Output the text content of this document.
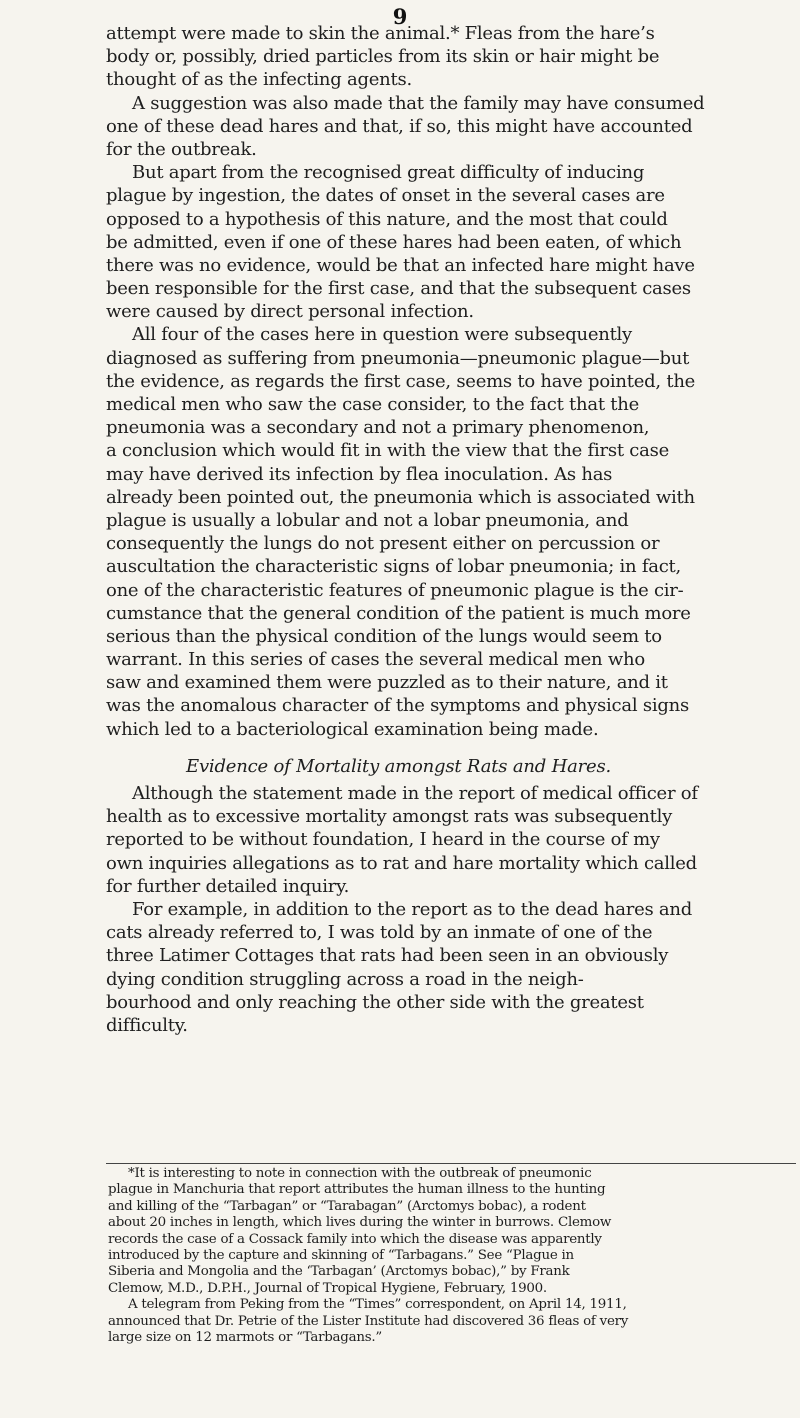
9
attempt were made to skin the animal.* Fleas from the hare’s
body or, possibly, dried particles from its skin or hair might be
thought of as the infecting agents.
A suggestion was also made that the family may have consumed
one of these dead hares and that, if so, this might have accounted
for the outbreak.
But apart from the recognised great difficulty of inducing
plague by ingestion, the dates of onset in the several cases are
opposed to a hypothesis of this nature, and the most that could
be admitted, even if one of these hares had been eaten, of which
there was no evidence, would be that an infected hare might have
been responsible for the first case, and that the subsequent cases
were caused by direct personal infection.
All four of the cases here in question were subsequently
diagnosed as suffering from pneumonia—pneumonic plague—but
the evidence, as regards the first case, seems to have pointed, the
medical men who saw the case consider, to the fact that the
pneumonia was a secondary and not a primary phenomenon,
a conclusion which would fit in with the view that the first case
may have derived its infection by flea inoculation. As has
already been pointed out, the pneumonia which is associated with
plague is usually a lobular and not a lobar pneumonia, and
consequently the lungs do not present either on percussion or
auscultation the characteristic signs of lobar pneumonia; in fact,
one of the characteristic features of pneumonic plague is the cir-
cumstance that the general condition of the patient is much more
serious than the physical condition of the lungs would seem to
warrant. In this series of cases the several medical men who
saw and examined them were puzzled as to their nature, and it
was the anomalous character of the symptoms and physical signs
which led to a bacteriological examination being made.
Evidence of Mortality amongst Rats and Hares.
Although the statement made in the report of medical officer of
health as to excessive mortality amongst rats was subsequently
reported to be without foundation, I heard in the course of my
own inquiries allegations as to rat and hare mortality which called
for further detailed inquiry.
For example, in addition to the report as to the dead hares and
cats already referred to, I was told by an inmate of one of the
three Latimer Cottages that rats had been seen in an obviously
dying condition struggling across a road in the neigh-
bourhood and only reaching the other side with the greatest
difficulty.
*It is interesting to note in connection with the outbreak of pneumonic
plague in Manchuria that report attributes the human illness to the hunting
and killing of the “Tarbagan” or “Tarabagan” (Arctomys bobac), a rodent
about 20 inches in length, which lives during the winter in burrows. Clemow
records the case of a Cossack family into which the disease was apparently
introduced by the capture and skinning of “Tarbagans.” See “Plague in
Siberia and Mongolia and the ‘Tarbagan’ (Arctomys bobac),” by Frank
Clemow, M.D., D.P.H., Journal of Tropical Hygiene, February, 1900.
A telegram from Peking from the “Times” correspondent, on April 14, 1911,
announced that Dr. Petrie of the Lister Institute had discovered 36 fleas of very
large size on 12 marmots or “Tarbagans.”
